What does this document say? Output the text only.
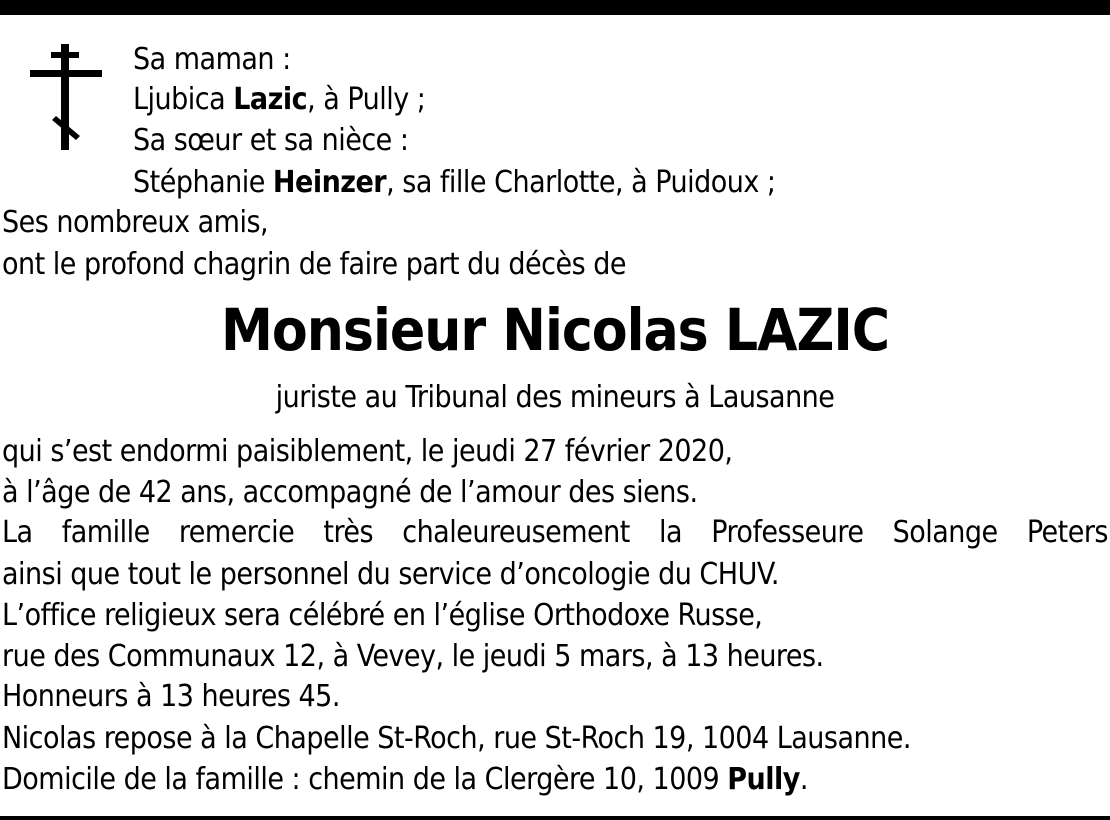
Sa maman :
Ljubica Lazic, à Pully ;
Sa sœur et sa nièce :
Stéphanie Heinzer, sa fille Charlotte, à Puidoux ;
Ses nombreux amis,
ont le profond chagrin de faire part du décès de
Monsieur Nicolas LAZIC
juriste au Tribunal des mineurs à Lausanne
qui s’est endormi paisiblement, le jeudi 27 février 2020,
à l’âge de 42 ans, accompagné de l’amour des siens.
La famille remercie très chaleureusement la Professeure Solange Peters
ainsi que tout le personnel du service d’oncologie du CHUV.
L’office religieux sera célébré en l’église Orthodoxe Russe,
rue des Communaux 12, à Vevey, le jeudi 5 mars, à 13 heures.
Honneurs à 13 heures 45.
Nicolas repose à la Chapelle St-Roch, rue St-Roch 19, 1004 Lausanne.
Domicile de la famille : chemin de la Clergère 10, 1009 Pully.
